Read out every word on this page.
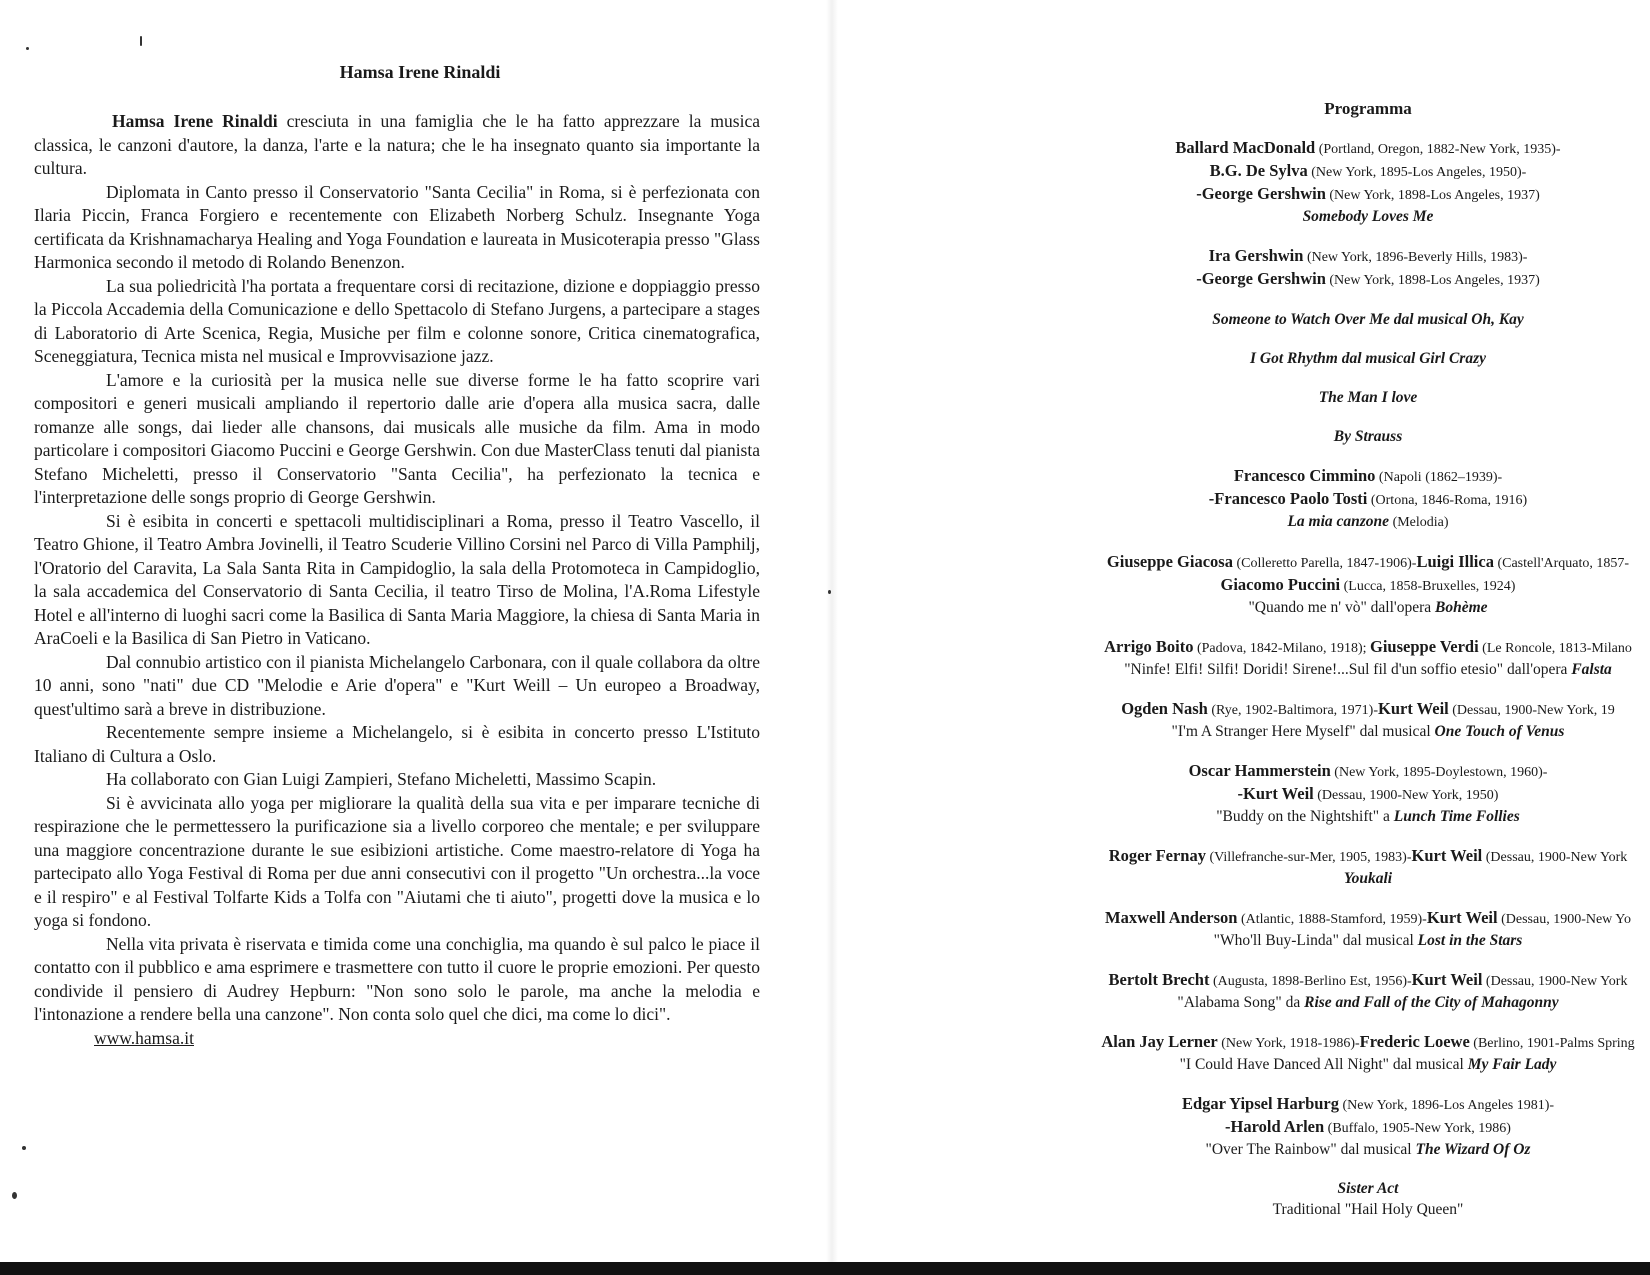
Hamsa Irene Rinaldi

Hamsa Irene Rinaldi cresciuta in una famiglia che le ha fatto apprezzare la musica classica, le canzoni d'autore, la danza, l'arte e la natura; che le ha insegnato quanto sia importante la cultura.

Diplomata in Canto presso il Conservatorio "Santa Cecilia" in Roma, si è perfezionata con Ilaria Piccin, Franca Forgiero e recentemente con Elizabeth Norberg Schulz. Insegnante Yoga certificata da Krishnamacharya Healing and Yoga Foundation e laureata in Musicoterapia presso "Glass Harmonica secondo il metodo di Rolando Benenzon.

La sua poliedricità l'ha portata a frequentare corsi di recitazione, dizione e doppiaggio presso la Piccola Accademia della Comunicazione e dello Spettacolo di Stefano Jurgens, a partecipare a stages di Laboratorio di Arte Scenica, Regia, Musiche per film e colonne sonore, Critica cinematografica, Sceneggiatura, Tecnica mista nel musical e Improvvisazione jazz.

L'amore e la curiosità per la musica nelle sue diverse forme le ha fatto scoprire vari compositori e generi musicali ampliando il repertorio dalle arie d'opera alla musica sacra, dalle romanze alle songs, dai lieder alle chansons, dai musicals alle musiche da film. Ama in modo particolare i compositori Giacomo Puccini e George Gershwin. Con due MasterClass tenuti dal pianista Stefano Micheletti, presso il Conservatorio "Santa Cecilia", ha perfezionato la tecnica e l'interpretazione delle songs proprio di George Gershwin.

Si è esibita in concerti e spettacoli multidisciplinari a Roma, presso il Teatro Vascello, il Teatro Ghione, il Teatro Ambra Jovinelli, il Teatro Scuderie Villino Corsini nel Parco di Villa Pamphilj, l'Oratorio del Caravita, La Sala Santa Rita in Campidoglio, la sala della Protomoteca in Campidoglio, la sala accademica del Conservatorio di Santa Cecilia, il teatro Tirso de Molina, l'A.Roma Lifestyle Hotel e all'interno di luoghi sacri come la Basilica di Santa Maria Maggiore, la chiesa di Santa Maria in AraCoeli e la Basilica di San Pietro in Vaticano.

Dal connubio artistico con il pianista Michelangelo Carbonara, con il quale collabora da oltre 10 anni, sono "nati" due CD "Melodie e Arie d'opera" e "Kurt Weill – Un europeo a Broadway, quest'ultimo sarà a breve in distribuzione.

Recentemente sempre insieme a Michelangelo, si è esibita in concerto presso L'Istituto Italiano di Cultura a Oslo.

Ha collaborato con Gian Luigi Zampieri, Stefano Micheletti, Massimo Scapin.

Si è avvicinata allo yoga per migliorare la qualità della sua vita e per imparare tecniche di respirazione che le permettessero la purificazione sia a livello corporeo che mentale; e per sviluppare una maggiore concentrazione durante le sue esibizioni artistiche. Come maestro-relatore di Yoga ha partecipato allo Yoga Festival di Roma per due anni consecutivi con il progetto "Un orchestra...la voce e il respiro" e al Festival Tolfarte Kids a Tolfa con "Aiutami che ti aiuto", progetti dove la musica e lo yoga si fondono.

Nella vita privata è riservata e timida come una conchiglia, ma quando è sul palco le piace il contatto con il pubblico e ama esprimere e trasmettere con tutto il cuore le proprie emozioni. Per questo condivide il pensiero di Audrey Hepburn: "Non sono solo le parole, ma anche la melodia e l'intonazione a rendere bella una canzone". Non conta solo quel che dici, ma come lo dici".

www.hamsa.it
Programma
Ballard MacDonald (Portland, Oregon, 1882-New York, 1935)-
B.G. De Sylva (New York, 1895-Los Angeles, 1950)-
-George Gershwin (New York, 1898-Los Angeles, 1937)
Somebody Loves Me
Ira Gershwin (New York, 1896-Beverly Hills, 1983)-
-George Gershwin (New York, 1898-Los Angeles, 1937)
Someone to Watch Over Me dal musical Oh, Kay
I Got Rhythm dal musical Girl Crazy
The Man I love
By Strauss
Francesco Cimmino (Napoli (1862–1939)-
-Francesco Paolo Tosti (Ortona, 1846-Roma, 1916)
La mia canzone (Melodia)
Giuseppe Giacosa (Colleretto Parella, 1847-1906)-Luigi Illica (Castell'Arquato, 1857-
Giacomo Puccini (Lucca, 1858-Bruxelles, 1924)
"Quando me n' vò" dall'opera Bohème
Arrigo Boito (Padova, 1842-Milano, 1918); Giuseppe Verdi (Le Roncole, 1813-Milano
"Ninfe! Elfi! Silfi! Doridi! Sirene!...Sul fil d'un soffio etesio" dall'opera Falsta
Ogden Nash (Rye, 1902-Baltimora, 1971)-Kurt Weil (Dessau, 1900-New York, 19
"I'm A Stranger Here Myself" dal musical One Touch of Venus
Oscar Hammerstein (New York, 1895-Doylestown, 1960)-
-Kurt Weil (Dessau, 1900-New York, 1950)
"Buddy on the Nightshift" a Lunch Time Follies
Roger Fernay (Villefranche-sur-Mer, 1905, 1983)-Kurt Weil (Dessau, 1900-New York
Youkali
Maxwell Anderson (Atlantic, 1888-Stamford, 1959)-Kurt Weil (Dessau, 1900-New Yo
"Who'll Buy-Linda" dal musical Lost in the Stars
Bertolt Brecht (Augusta, 1898-Berlino Est, 1956)-Kurt Weil (Dessau, 1900-New York
"Alabama Song" da Rise and Fall of the City of Mahagonny
Alan Jay Lerner (New York, 1918-1986)-Frederic Loewe (Berlino, 1901-Palms Spring
"I Could Have Danced All Night" dal musical My Fair Lady
Edgar Yipsel Harburg (New York, 1896-Los Angeles 1981)-
-Harold Arlen (Buffalo, 1905-New York, 1986)
"Over The Rainbow" dal musical The Wizard Of Oz
Sister Act
Traditional "Hail Holy Queen"
